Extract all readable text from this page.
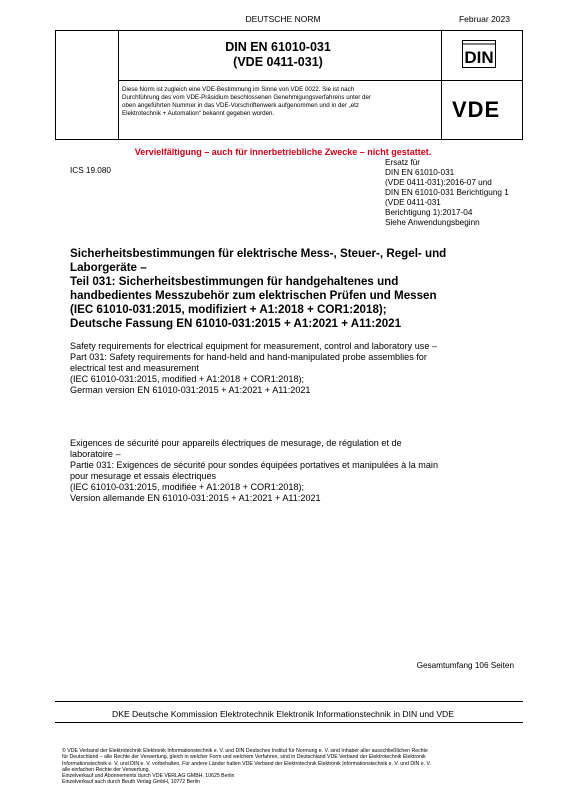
DEUTSCHE NORM	Februar 2023
DIN EN 61010-031
(VDE 0411-031)	DIN
Diese Norm ist zugleich eine VDE-Bestimmung im Sinne von VDE 0022. Sie ist nach
Durchführung des vom VDE-Präsidium beschlossenen Genehmigungsverfahrens unter der
oben angeführten Nummer in das VDE-Vorschriftenwerk aufgenommen und in der „etz
Elektrotechnik + Automation“ bekannt gegeben worden.	VDE
Vervielfältigung – auch für innerbetriebliche Zwecke – nicht gestattet.
ICS 19.080
Ersatz für
DIN EN 61010-031
(VDE 0411-031):2016-07 und
DIN EN 61010-031 Berichtigung 1
(VDE 0411-031
Berichtigung 1):2017-04
Siehe Anwendungsbeginn
Sicherheitsbestimmungen für elektrische Mess-, Steuer-, Regel- und
Laborgeräte –
Teil 031: Sicherheitsbestimmungen für handgehaltenes und
handbedientes Messzubehör zum elektrischen Prüfen und Messen
(IEC 61010-031:2015, modifiziert + A1:2018 + COR1:2018);
Deutsche Fassung EN 61010-031:2015 + A1:2021 + A11:2021
Safety requirements for electrical equipment for measurement, control and laboratory use –
Part 031: Safety requirements for hand-held and hand-manipulated probe assemblies for
electrical test and measurement
(IEC 61010-031:2015, modified + A1:2018 + COR1:2018);
German version EN 61010-031:2015 + A1:2021 + A11:2021
Exigences de sécurité pour appareils électriques de mesurage, de régulation et de
laboratoire –
Partie 031: Exigences de sécurité pour sondes équipées portatives et manipulées à la main
pour mesurage et essais électriques
(IEC 61010-031:2015, modifiée + A1:2018 + COR1:2018);
Version allemande EN 61010-031:2015 + A1:2021 + A11:2021
Gesamtumfang 106 Seiten
DKE Deutsche Kommission Elektrotechnik Elektronik Informationstechnik in DIN und VDE
© VDE Verband der Elektrotechnik Elektronik Informationstechnik e. V. und DIN Deutsches Institut für Normung e. V. sind Inhaber aller ausschließlichen Rechte
für Deutschland – alle Rechte der Verwertung, gleich in welcher Form und welchem Verfahren, sind in Deutschland VDE Verband der Elektrotechnik Elektronik
Informationstechnik e. V. und DIN e. V. vorbehalten. Für andere Länder halten VDE Verband der Elektrotechnik Elektronik Informationstechnik e. V. und DIN e. V.
alle einfachen Rechte der Verwertung.
Einzelverkauf und Abonnements durch VDE VERLAG GMBH, 10625 Berlin
Einzelverkauf auch durch Beuth Verlag GmbH, 10772 Berlin
